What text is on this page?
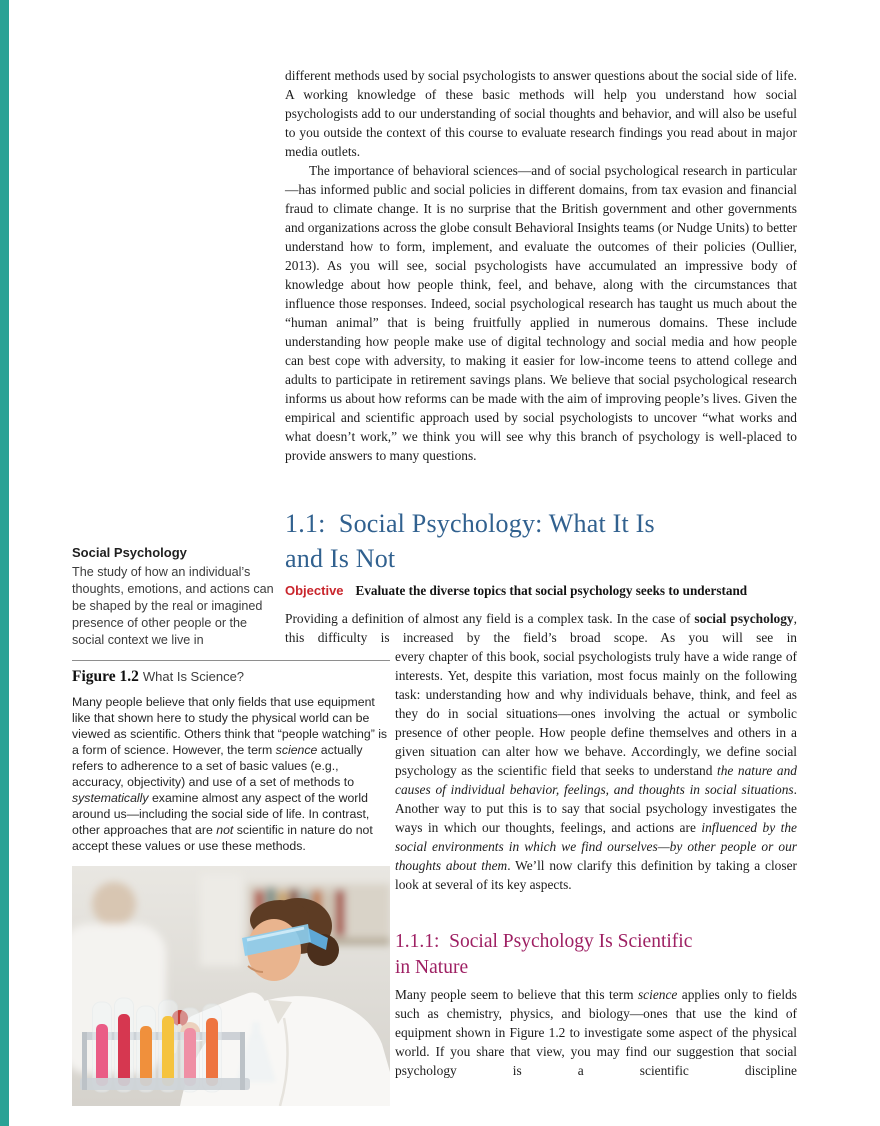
different methods used by social psychologists to answer questions about the social side of life. A working knowledge of these basic methods will help you understand how social psychologists add to our understanding of social thoughts and behavior, and will also be useful to you outside the context of this course to evaluate research findings you read about in major media outlets.

The importance of behavioral sciences—and of social psychological research in particular—has informed public and social policies in different domains, from tax evasion and financial fraud to climate change. It is no surprise that the British government and other governments and organizations across the globe consult Behavioral Insights teams (or Nudge Units) to better understand how to form, implement, and evaluate the outcomes of their policies (Oullier, 2013). As you will see, social psychologists have accumulated an impressive body of knowledge about how people think, feel, and behave, along with the circumstances that influence those responses. Indeed, social psychological research has taught us much about the “human animal” that is being fruitfully applied in numerous domains. These include understanding how people make use of digital technology and social media and how people can best cope with adversity, to making it easier for low-income teens to attend college and adults to participate in retirement savings plans. We believe that social psychological research informs us about how reforms can be made with the aim of improving people’s lives. Given the empirical and scientific approach used by social psychologists to uncover “what works and what doesn’t work,” we think you will see why this branch of psychology is well-placed to provide answers to many questions.

1.1:  Social Psychology: What It Is
and Is Not
Social Psychology
The study of how an individual’s thoughts, emotions, and actions can be shaped by the real or imagined presence of other people or the social context we live in
Objective Evaluate the diverse topics that social psychology seeks to understand

Providing a definition of almost any field is a complex task. In the case of social psychology, this difficulty is increased by the field’s broad scope. As you will see in

every chapter of this book, social psychologists truly have a wide range of interests. Yet, despite this variation, most focus mainly on the following task: understanding how and why individuals behave, think, and feel as they do in social situations—ones involving the actual or symbolic presence of other people. How people define themselves and others in a given situation can alter how we behave. Accordingly, we define social psychology as the scientific field that seeks to understand the nature and causes of individual behavior, feelings, and thoughts in social situations. Another way to put this is to say that social psychology investigates the ways in which our thoughts, feelings, and actions are influenced by the social environments in which we find ourselves—by other people or our thoughts about them. We’ll now clarify this definition by taking a closer look at several of its key aspects.

Figure 1.2 What Is Science?

Many people believe that only fields that use equipment like that shown here to study the physical world can be viewed as scientific. Others think that “people watching” is a form of science. However, the term science actually refers to adherence to a set of basic values (e.g., accuracy, objectivity) and use of a set of methods to systematically examine almost any aspect of the world around us—including the social side of life. In contrast, other approaches that are not scientific in nature do not accept these values or use these methods.

1.1.1:  Social Psychology Is Scientific
in Nature

Many people seem to believe that this term science applies only to fields such as chemistry, physics, and biology—ones that use the kind of equipment shown in Figure 1.2 to investigate some aspect of the physical world. If you share that view, you may find our suggestion that social psychology is a scientific discipline
